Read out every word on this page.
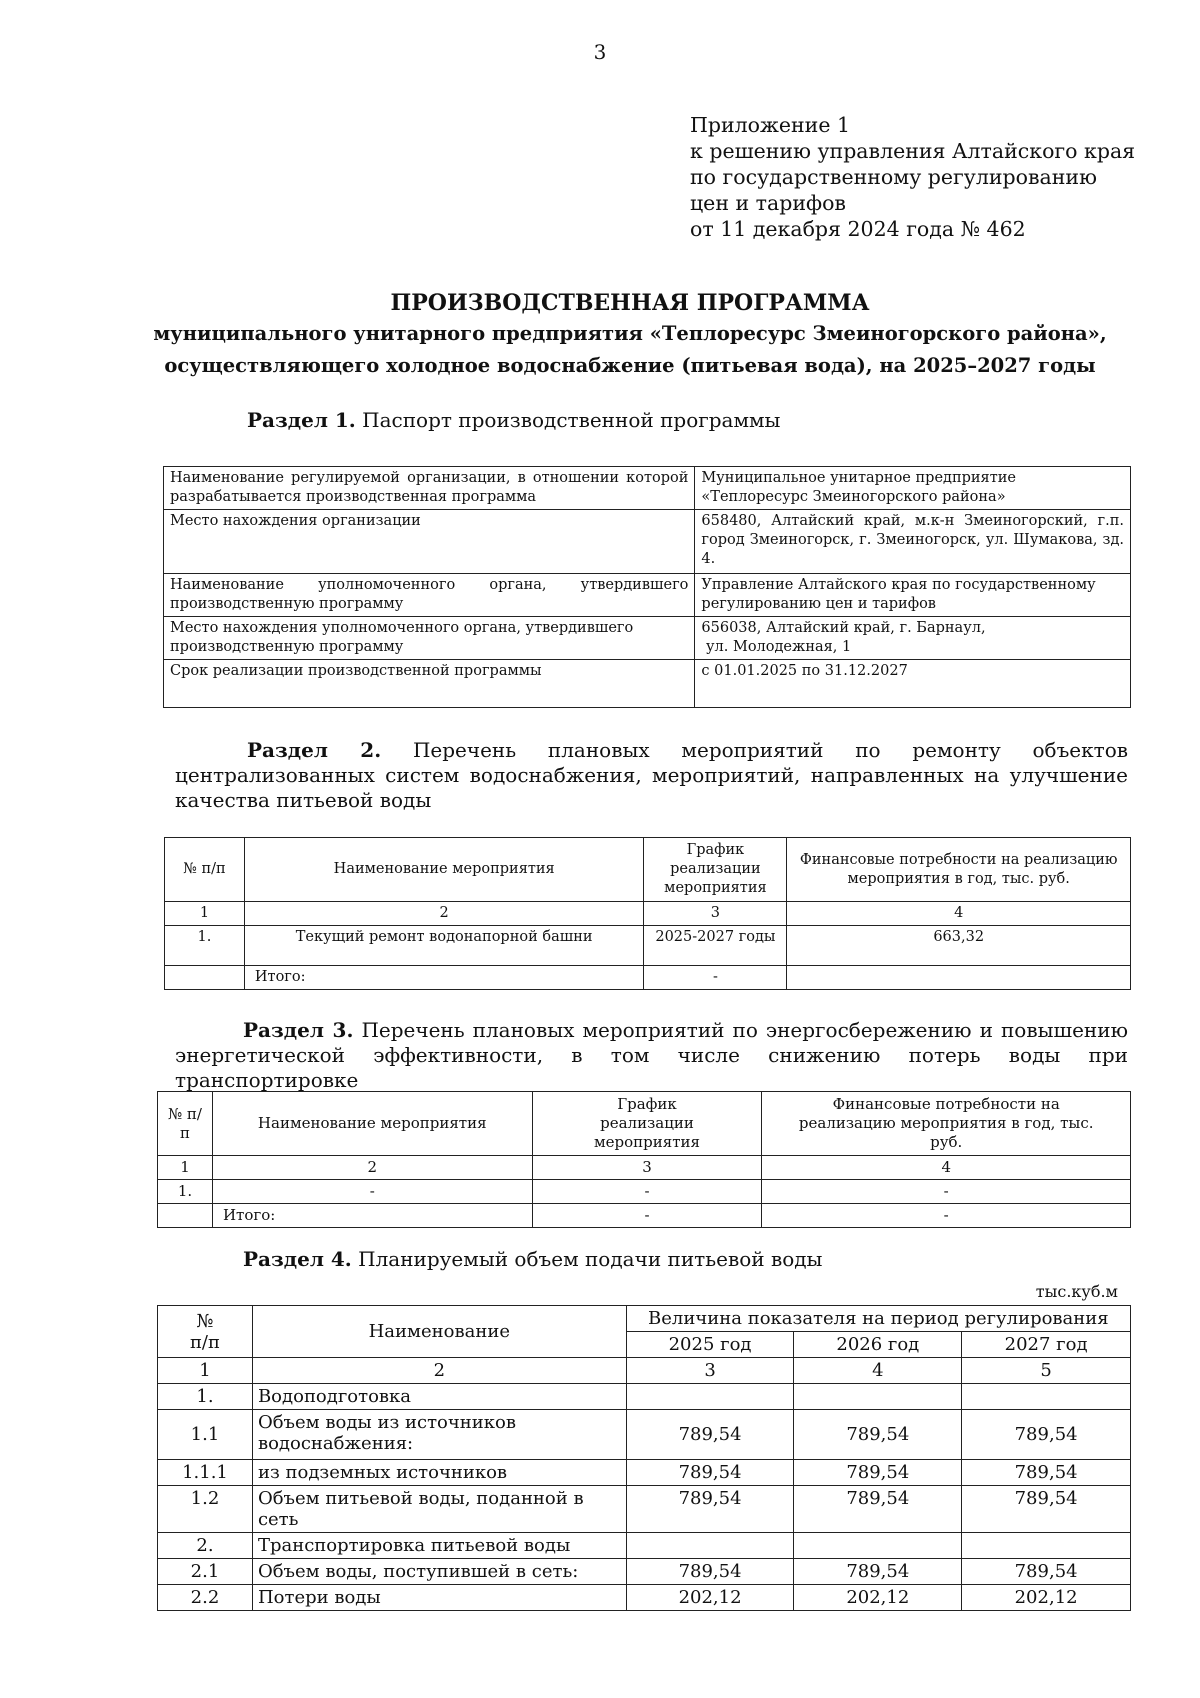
3
Приложение 1
к решению управления Алтайского края
по государственному регулированию
цен и тарифов
от 11 декабря 2024 года № 462
ПРОИЗВОДСТВЕННАЯ ПРОГРАММА
муниципального унитарного предприятия «Теплоресурс Змеиногорского района»,
осуществляющего холодное водоснабжение (питьевая вода), на 2025–2027 годы
Раздел 1. Паспорт производственной программы
Наименование регулируемой организации, в отношении которой разрабатывается производственная программа	Муниципальное унитарное предприятие
«Теплоресурс Змеиногорского района»

Место нахождения организации	658480, Алтайский край, м.к-н Змеиногорский, г.п. город Змеиногорск, г. Змеиногорск, ул. Шумакова, зд. 4.
Наименование уполномоченного органа, утвердившего производственную программу	Управление Алтайского края по государственному
регулированию цен и тарифов

Место нахождения уполномоченного органа, утвердившего производственную программу	656038, Алтайский край, г. Барнаул,
ул. Молодежная, 1

Срок реализации производственной программы	с 01.01.2025 по 31.12.2027
Раздел 2. Перечень плановых мероприятий по ремонту объектов централизованных систем водоснабжения, мероприятий, направленных на улучшение качества питьевой воды
№ п/п	Наименование мероприятия	График реализации мероприятия	Финансовые потребности на реализацию мероприятия в год, тыс. руб.
1	2	3	4
1.	Текущий ремонт водонапорной башни	2025-2027 годы	663,32
	Итого:	-	
Раздел 3. Перечень плановых мероприятий по энергосбережению и повышению энергетической эффективности, в том числе снижению потерь воды при транспортировке
№ п/п	Наименование мероприятия	График реализации мероприятия	Финансовые потребности на реализацию мероприятия в год, тыс. руб.
1	2	3	4
1.	-	-	-
	Итого:	-	-
Раздел 4. Планируемый объем подачи питьевой воды
тыс.куб.м
№ п/п	Наименование	Величина показателя на период регулирования		
		2025 год	2026 год	2027 год
1	2	3	4	5
1.	Водоподготовка			
1.1	Объем воды из источников водоснабжения:	789,54	789,54	789,54
1.1.1	из подземных источников	789,54	789,54	789,54
1.2	Объем питьевой воды, поданной в сеть	789,54	789,54	789,54
2.	Транспортировка питьевой воды			
2.1	Объем воды, поступившей в сеть:	789,54	789,54	789,54
2.2	Потери воды	202,12	202,12	202,12
